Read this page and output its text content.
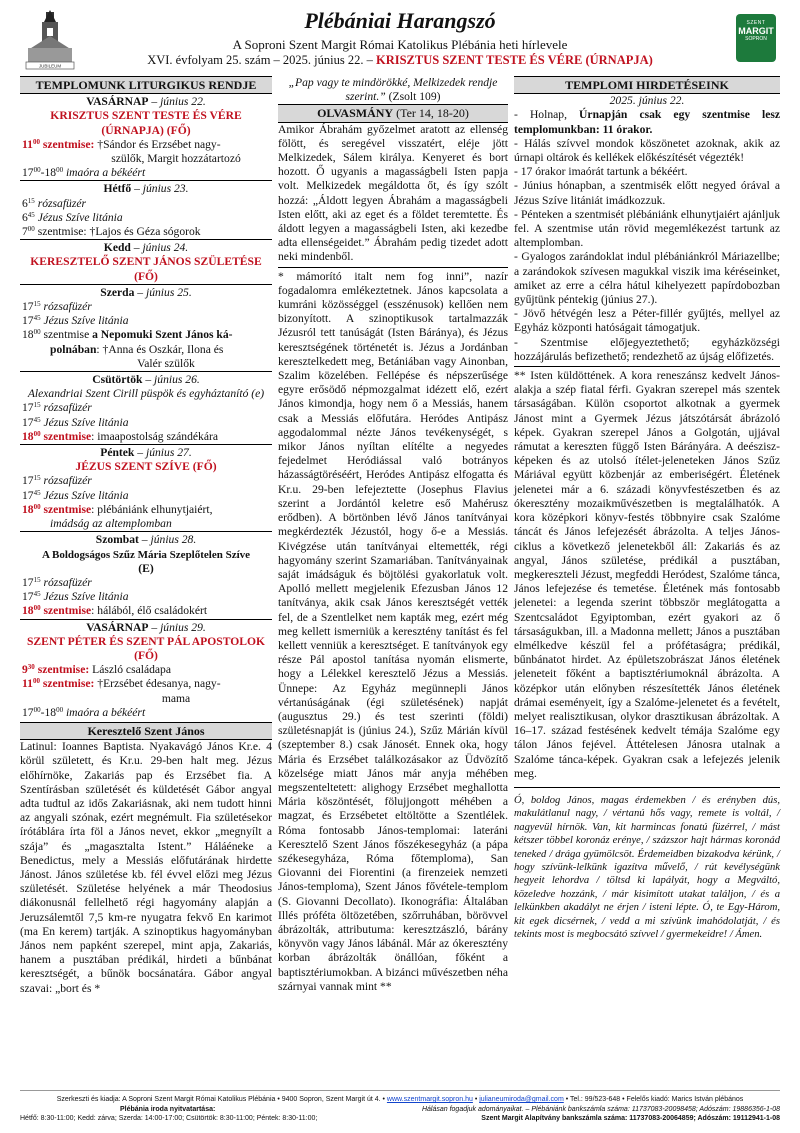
JUBILEUM
Plébániai Harangszó
A Soproni Szent Margit Római Katolikus Plébánia heti hírlevele
XVI. évfolyam 25. szám – 2025. június 22. – KRISZTUS SZENT TESTE ÉS VÉRE (ÚRNAPJA)
SZENT
MARGIT
SOPRON
TEMPLOMUNK LITURGIKUS RENDJE
VASÁRNAP – június 22.
KRISZTUS SZENT TESTE ÉS VÉRE (ÚRNAPJA) (FŐ)
$11^{00}$ szentmise: †Sándor és Erzsébet nagy-
szülők, Margit hozzátartozó
$17^{00}-18^{00}$ imaóra a békéért
Hétfő – június 23.
$6^{15}$ rózsafüzér
$6^{45}$ Jézus Szíve litánia
$7^{00}$ szentmise: †Lajos és Géza sógorok
Kedd – június 24.
KERESZTELŐ SZENT JÁNOS SZÜLETÉSE (FŐ)
Szerda – június 25.
$17^{15}$ rózsafüzér
$17^{45}$ Jézus Szíve litánia
$18^{00}$ szentmise a Nepomuki Szent János ká-
polnában: †Anna és Oszkár, Ilona és
Valér szülők
Csütörtök – június 26.
Alexandriai Szent Cirill püspök és egyháztanító (e)
$17^{15}$ rózsafüzér
$17^{45}$ Jézus Szíve litánia
$18^{00}$ szentmise: imaapostolság szándékára
Péntek – június 27.
JÉZUS SZENT SZÍVE (FŐ)
$17^{15}$ rózsafüzér
$17^{45}$ Jézus Szíve litánia
$18^{00}$ szentmise: plébániánk elhunytjaiért,
imádság az altemplomban
Szombat – június 28.
A Boldogságos Szűz Mária Szeplőtelen Szíve
(E)
$17^{15}$ rózsafüzér
$17^{45}$ Jézus Szíve litánia
$18^{00}$ szentmise: hálából, élő családokért
VASÁRNAP – június 29.
SZENT PÉTER ÉS SZENT PÁL APOSTOLOK (FŐ)
$9^{30}$ szentmise: László családapa
$11^{00}$ szentmise: †Erzsébet édesanya, nagy-
mama
$17^{00}-18^{00}$ imaóra a békéért
Keresztelő Szent János
Latinul: Ioannes Baptista. Nyakavágó János Kr.e. 4 körül született, és Kr.u. 29-ben halt meg. Jézus előhírnöke, Zakariás pap és Erzsébet fia. A Szentírásban születését és küldetését Gábor angyal adta tudtul az idős Zakariásnak, aki nem tudott hinni az angyali szónak, ezért megnémult. Fia születésekor írótáblára írta föl a János nevet, ekkor „megnyílt a szája” és „magasztalta Istent.” Háláéneke a Benedictus, mely a Messiás előfutárának hirdette Jánost. János születése kb. fél évvel előzi meg Jézus születését. Születése helyének a már Theodosius diákonusnál fellelhető régi hagyomány alapján a Jeruzsálemtől 7,5 km-re nyugatra fekvő En karimot (ma En kerem) tartják. A szinoptikus hagyományban János nem papként szerepel, mint apja, Zakariás, hanem a pusztában prédikál, hirdeti a bűnbánat keresztségét, a bűnök bocsánatára. Gábor angyal szavai: „bort és *
„Pap vagy te mindörökké, Melkizedek rendje szerint.” (Zsolt 109)
OLVASMÁNY (Ter 14, 18-20)
Amikor Ábrahám győzelmet aratott az ellenség fölött, és seregével visszatért, eléje jött Melkizedek, Sálem királya. Kenyeret és bort hozott. Ő ugyanis a magasságbeli Isten papja volt. Melkizedek megáldotta őt, és így szólt hozzá: „Áldott legyen Ábrahám a magasságbeli Isten előtt, aki az eget és a földet teremtette. És áldott legyen a magasságbeli Isten, aki kezedbe adta ellenségeidet.” Ábrahám pedig tizedet adott neki mindenből.
* mámorító italt nem fog inni”, nazír fogadalomra emlékeztetnek. János kapcsolata a kumráni közösséggel (esszénusok) kellően nem bizonyított. A szinoptikusok tartalmazzák Jézusról tett tanúságát (Isten Báránya), és Jézus keresztségének történetét is. Jézus a Jordánban keresztelkedett meg, Betániában vagy Ainonban, Szalim közelében. Fellépése és népszerűsége egyre erősödő népmozgalmat idézett elő, ezért János kimondja, hogy nem ő a Messiás, hanem csak a Messiás előfutára. Heródes Antipász aggodalommal nézte János tevékenységét, s mikor János nyíltan elítélte a negyedes fejedelmet Heródiással való botrányos házasságtöréséért, Heródes Antipász elfogatta és Kr.u. 29-ben lefejeztette (Josephus Flavius szerint a Jordántól keletre eső Mahérusz erődben). A börtönben lévő János tanítványai megkérdezték Jézustól, hogy ő-e a Messiás. Kivégzése után tanítványai eltemették, régi hagyomány szerint Szamariában. Tanítványainak saját imádságuk és böjtölési gyakorlatuk volt. Apolló mellett megjelenik Efezusban János 12 tanítványa, akik csak János keresztségét vették fel, de a Szentlelket nem kapták meg, ezért még meg kellett ismerniük a keresztény tanítást és fel kellett venniük a keresztséget. E tanítványok egy része Pál apostol tanítása nyomán elismerte, hogy a Lélekkel keresztelő Jézus a Messiás. Ünnepe: Az Egyház megünnepli János vértanúságának (égi születésének) napját (augusztus 29.) és test szerinti (földi) születésnapját is (június 24.), Szűz Márián kívül (szeptember 8.) csak Jánosét. Ennek oka, hogy Mária és Erzsébet találkozásakor az Üdvözítő közelsége miatt János már anyja méhében megszenteltetett: alighogy Erzsébet meghallotta Mária köszöntését, fölujjongott méhében a magzat, és Erzsébetet eltöltötte a Szentlélek. Róma fontosabb János-templomai: lateráni Keresztelő Szent János főszékesegyház (a pápa székesegyháza, Róma főtemploma), San Giovanni dei Fiorentini (a firenzeiek nemzeti János-temploma), Szent János fővétele-templom (S. Giovanni Decollato). Ikonográfia: Általában Illés próféta öltözetében, szőrruhában, börövvel ábrázolták, attributuma: keresztzászló, bárány könyvön vagy János lábánál. Már az ókeresztény korban ábrázolták önállóan, főként a baptisztériumokban. A bizánci művészetben néha szárnyai vannak mint **
TEMPLOMI HIRDETÉSEINK
2025. június 22.
- Holnap, Úrnapján csak egy szentmise lesz templomunkban: 11 órakor.
- Hálás szívvel mondok köszönetet azoknak, akik az úrnapi oltárok és kellékek előkészítését végezték!
- 17 órakor imaórát tartunk a békéért.
- Június hónapban, a szentmisék előtt negyed órával a Jézus Szíve litániát imádkozzuk.
- Pénteken a szentmisét plébániánk elhunytjaiért ajánljuk fel. A szentmise után rövid megemlékezést tartunk az altemplomban.
- Gyalogos zarándoklat indul plébániánkról Máriazellbe; a zarándokok szívesen magukkal viszik ima kéréseinket, amiket az erre a célra hátul kihelyezett papírdobozban gyűjtünk péntekig (június 27.).
- Jövő hétvégén lesz a Péter-fillér gyűjtés, mellyel az Egyház központi hatóságait támogatjuk.
- Szentmise előjegyeztethető; egyházközségi hozzájárulás befizethető; rendezhető az újság előfizetés.
** Isten küldöttének. A kora reneszánsz kedvelt János-alakja a szép fiatal férfi. Gyakran szerepel más szentek társaságában. Külön csoportot alkotnak a gyermek Jánost mint a Gyermek Jézus játszótársát ábrázoló képek. Gyakran szerepel János a Golgotán, ujjával rámutat a kereszten függő Isten Bárányára. A deészisz-képeken és az utolsó ítélet-jeleneteken János Szűz Máriával együtt közbenjár az emberiségért. Életének jelenetei már a 6. századi könyvfestészetben és az ókeresztény mozaikművészetben is megtalálhatók. A kora középkori könyv-festés többnyire csak Szalóme táncát és János lefejezését ábrázolta. A teljes János-ciklus a következő jelenetekből áll: Zakariás és az angyal, János születése, prédikál a pusztában, megkereszteli Jézust, megfeddi Heródest, Szalóme tánca, János lefejezése és temetése. Életének más fontosabb jelenetei: a legenda szerint többször meglátogatta a Szentcsaládot Egyiptomban, ezért gyakori az ő társaságukban, ill. a Madonna mellett; János a pusztában elmélkedve készül fel a prófétaságra; prédikál, bűnbánatot hirdet. Az épületszobrászat János életének jeleneteit főként a baptisztériumoknál ábrázolta. A középkor után előnyben részesítették János életének drámai eseményeit, így a Szalóme-jelenetet és a fevételt, melyet realisztikusan, olykor drasztikusan ábrázoltak. A 16–17. század festésének kedvelt témája Szalóme egy tálon János fejével. Áttételesen Jánosra utalnak a Szalóme tánca-képek. Gyakran csak a lefejezés jelenik meg.
Ó, boldog János, magas érdemekben / és erényben dús, makulátlanul nagy, / vértanú hős vagy, remete is voltál, / nagyevül hírnök. Van, kit harmincas fonatú füzérrel, / mást kétszer többel koronáz erénye, / százszor hajt hármas koronád teneked / drága gyümölcsöt. Érdemeidben bizakodva kérünk, / hogy szívünk-lelkünk igazítva művelő, / rút kevélységünk hegyeit lehordva / töltsd ki lapályát, hogy a Megváltó, közeledve hozzánk, / már kisimított utakat találjon, / és a lelkünkben akadályt ne érjen / isteni lépte. Ó, te Egy-Három, kit egek dicsérnek, / vedd a mi szívünk imahódolatját, / és tekints most is megbocsátó szívvel / gyermekeidre! / Ámen.
Szerkeszti és kiadja: A Soproni Szent Margit Római Katolikus Plébánia • 9400 Sopron, Szent Margit út 4. • www.szentmargit.sopron.hu • julianeumiroda@gmail.com • Tel.: 99/523-648 • Felelős kiadó: Marics István plébános
Plébánia iroda nyitvatartása:	Hálásan fogadjuk adományaikat. – Plébániánk bankszámla száma: 11737083-20098458; Adószám: 19886356-1-08
Hétfő: 8:30-11:00; Kedd: zárva; Szerda: 14:00-17:00; Csütörtök: 8:30-11:00; Péntek: 8:30-11:00;	Szent Margit Alapítvány bankszámla száma: 11737083-20064859; Adószám: 19112941-1-08
